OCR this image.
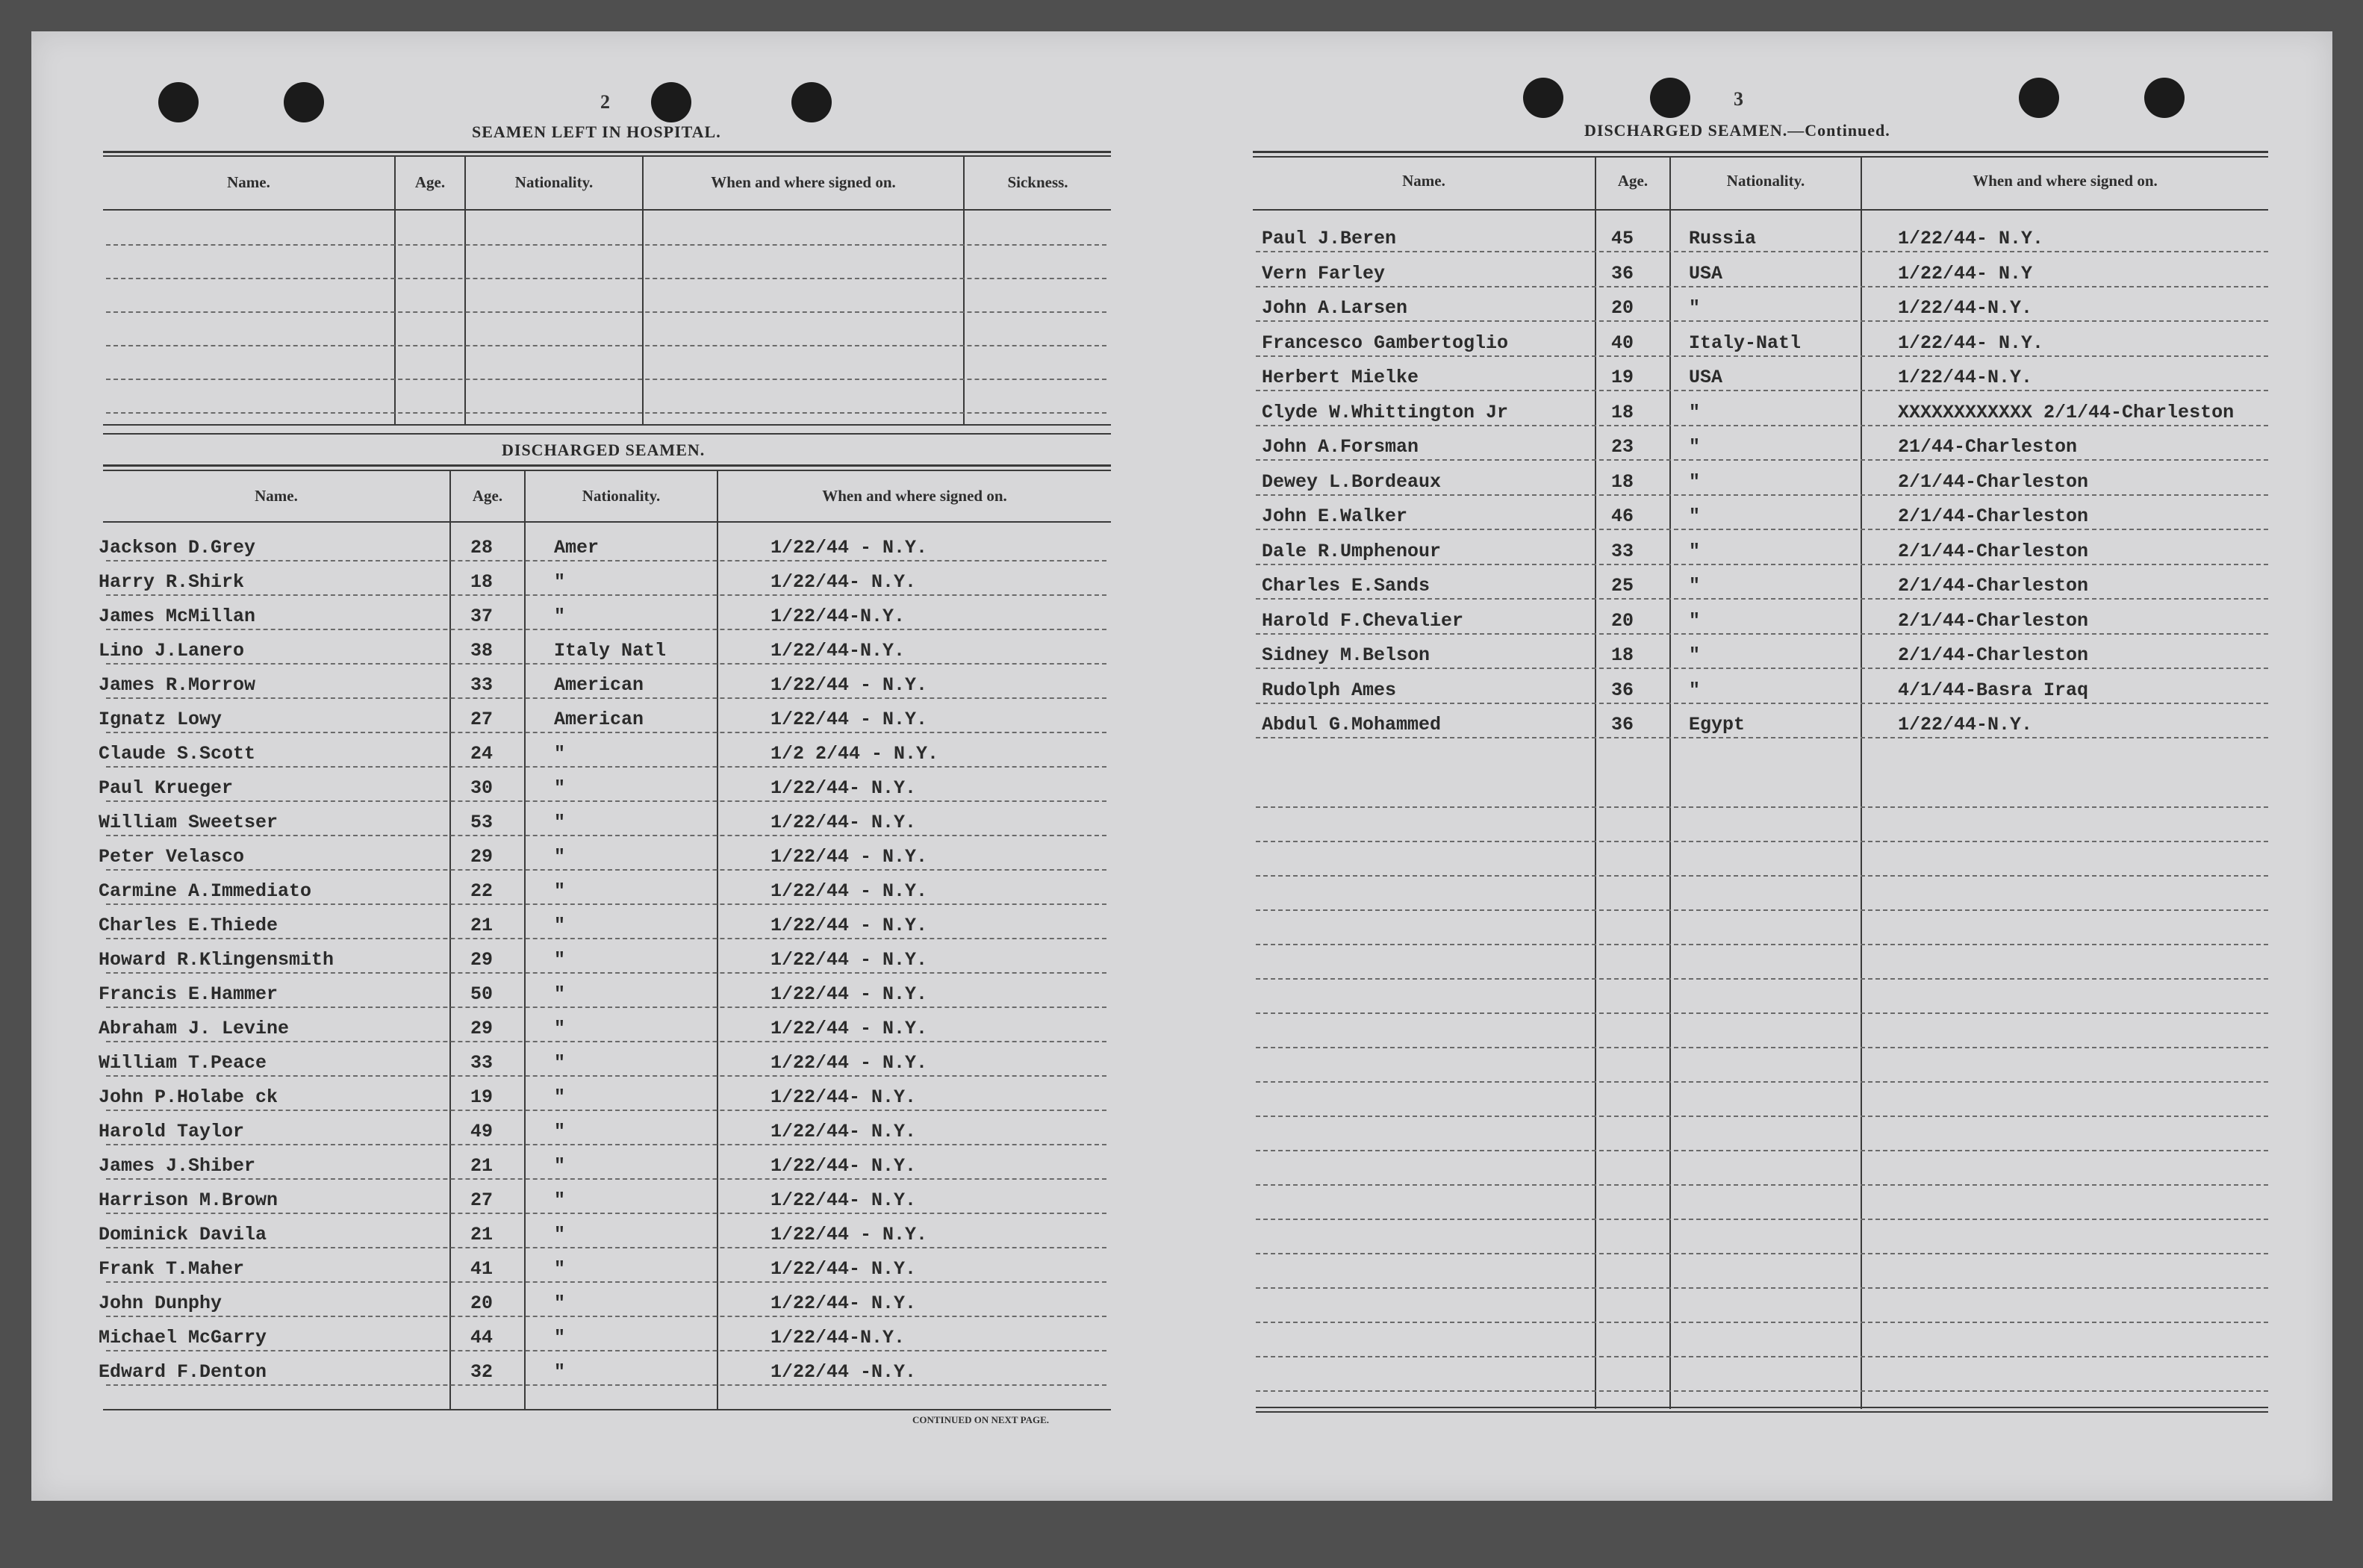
2
SEAMEN LEFT IN HOSPITAL.
Name.	Age.	Nationality.	When and where signed on.	Sickness.
DISCHARGED SEAMEN.
Name.	Age.	Nationality.	When and where signed on.
Jackson D.Grey	28	Amer	1/22/44 - N.Y.
Harry R.Shirk	18	"	1/22/44- N.Y.
James McMillan	37	"	1/22/44-N.Y.
Lino J.Lanero	38	Italy Natl	1/22/44-N.Y.
James R.Morrow	33	American	1/22/44 - N.Y.
Ignatz Lowy	27	American	1/22/44 - N.Y.
Claude S.Scott	24	"	1/2 2/44 - N.Y.
Paul Krueger	30	"	1/22/44- N.Y.
William Sweetser	53	"	1/22/44- N.Y.
Peter Velasco	29	"	1/22/44 - N.Y.
Carmine A.Immediato	22	"	1/22/44 - N.Y.
Charles E.Thiede	21	"	1/22/44 - N.Y.
Howard R.Klingensmith	29	"	1/22/44 - N.Y.
Francis E.Hammer	50	"	1/22/44 - N.Y.
Abraham J. Levine	29	"	1/22/44 - N.Y.
William T.Peace	33	"	1/22/44 - N.Y.
John P.Holabe ck	19	"	1/22/44- N.Y.
Harold Taylor	49	"	1/22/44- N.Y.
James J.Shiber	21	"	1/22/44- N.Y.
Harrison M.Brown	27	"	1/22/44- N.Y.
Dominick Davila	21	"	1/22/44 - N.Y.
Frank T.Maher	41	"	1/22/44- N.Y.
John Dunphy	20	"	1/22/44- N.Y.
Michael McGarry	44	"	1/22/44-N.Y.
Edward F.Denton	32	"	1/22/44 -N.Y.
CONTINUED ON NEXT PAGE.
3
DISCHARGED SEAMEN.—Continued.
Name.	Age.	Nationality.	When and where signed on.
Paul J.Beren	45	Russia	1/22/44- N.Y.
Vern Farley	36	USA	1/22/44- N.Y
John A.Larsen	20	"	1/22/44-N.Y.
Francesco Gambertoglio	40	Italy-Natl	1/22/44- N.Y.
Herbert Mielke	19	USA	1/22/44-N.Y.
Clyde W.Whittington Jr	18	"	XXXXXXXXXXXX 2/1/44-Charleston
John A.Forsman	23	"	21/44-Charleston
Dewey L.Bordeaux	18	"	2/1/44-Charleston
John E.Walker	46	"	2/1/44-Charleston
Dale R.Umphenour	33	"	2/1/44-Charleston
Charles E.Sands	25	"	2/1/44-Charleston
Harold F.Chevalier	20	"	2/1/44-Charleston
Sidney M.Belson	18	"	2/1/44-Charleston
Rudolph Ames	36	"	4/1/44-Basra Iraq
Abdul G.Mohammed	36	Egypt	1/22/44-N.Y.
